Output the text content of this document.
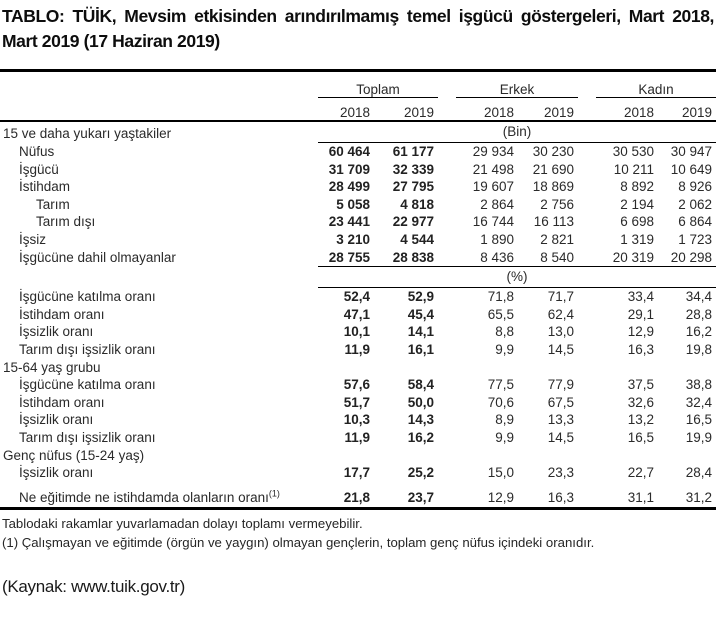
TABLO: TÜİK, Mevsim etkisinden arındırılmamış temel işgücü göstergeleri, Mart 2018, Mart 2019 (17 Haziran 2019)
	Toplam			Erkek			Kadın	
	2018	2019		2018	2019		2018	2019
15 ve daha yukarı yaştakiler	(Bin)							
Nüfus	60 464	61 177		29 934	30 230		30 530	30 947
İşgücü	31 709	32 339		21 498	21 690		10 211	10 649
İstihdam	28 499	27 795		19 607	18 869		8 892	8 926
Tarım	5 058	4 818		2 864	2 756		2 194	2 062
Tarım dışı	23 441	22 977		16 744	16 113		6 698	6 864
İşsiz	3 210	4 544		1 890	2 821		1 319	1 723
İşgücüne dahil olmayanlar	28 755	28 838		8 436	8 540		20 319	20 298
	(%)							
İşgücüne katılma oranı	52,4	52,9		71,8	71,7		33,4	34,4
İstihdam oranı	47,1	45,4		65,5	62,4		29,1	28,8
İşsizlik oranı	10,1	14,1		8,8	13,0		12,9	16,2
Tarım dışı işsizlik oranı	11,9	16,1		9,9	14,5		16,3	19,8
15-64 yaş grubu								
İşgücüne katılma oranı	57,6	58,4		77,5	77,9		37,5	38,8
İstihdam oranı	51,7	50,0		70,6	67,5		32,6	32,4
İşsizlik oranı	10,3	14,3		8,9	13,3		13,2	16,5
Tarım dışı işsizlik oranı	11,9	16,2		9,9	14,5		16,5	19,9
Genç nüfus (15-24 yaş)								
İşsizlik oranı	17,7	25,2		15,0	23,3		22,7	28,4
Ne eğitimde ne istihdamda olanların oranı$^{(1)}$	21,8	23,7		12,9	16,3		31,1	31,2

Tablodaki rakamlar yuvarlamadan dolayı toplamı vermeyebilir.

(1) Çalışmayan ve eğitimde (örgün ve yaygın) olmayan gençlerin, toplam genç nüfus içindeki oranıdır.

(Kaynak: www.tuik.gov.tr)
